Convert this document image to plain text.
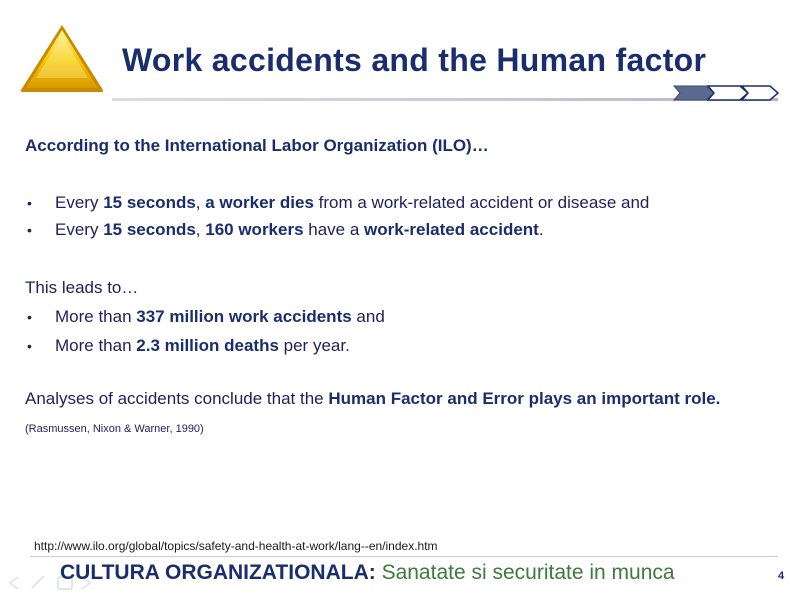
Work accidents and the Human factor

According to the International Labor Organization (ILO)…

• Every 15 seconds, a worker dies from a work-related accident or disease and
• Every 15 seconds, 160 workers have a work-related accident.

This leads to…

• More than 337 million work accidents and
• More than 2.3 million deaths per year.

Analyses of accidents conclude that the Human Factor and Error plays an important role. (Rasmussen, Nixon & Warner, 1990)

http://www.ilo.org/global/topics/safety-and-health-at-work/lang--en/index.htm
CULTURA ORGANIZATIONALA: Sanatate si securitate in munca	4
